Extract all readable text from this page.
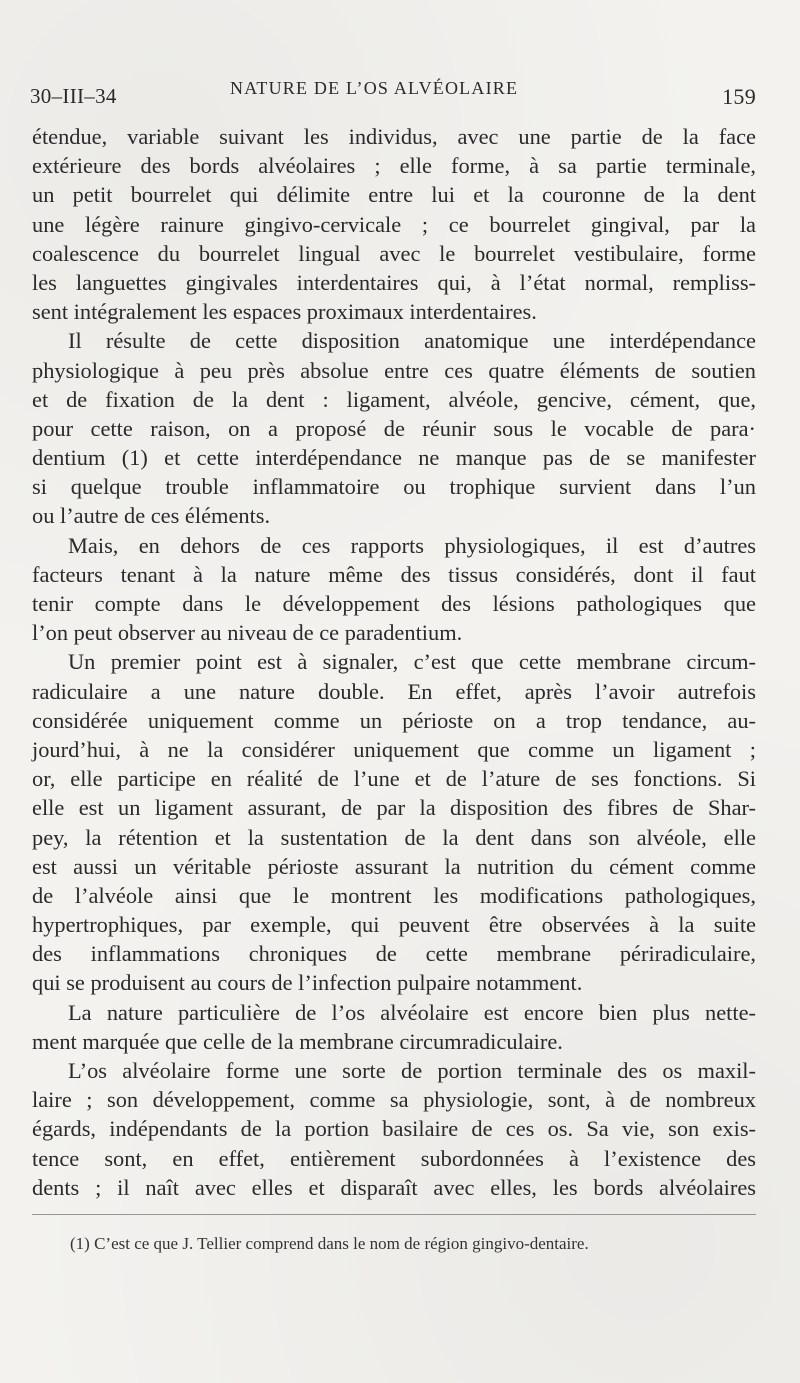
30–III–34	NATURE DE L’OS ALVÉOLAIRE	159
étendue, variable suivant les individus, avec une partie de la face
extérieure des bords alvéolaires ; elle forme, à sa partie terminale,
un petit bourrelet qui délimite entre lui et la couronne de la dent
une légère rainure gingivo-cervicale ; ce bourrelet gingival, par la
coalescence du bourrelet lingual avec le bourrelet vestibulaire, forme
les languettes gingivales interdentaires qui, à l’état normal, rempliss-
sent intégralement les espaces proximaux interdentaires.
Il résulte de cette disposition anatomique une interdépendance
physiologique à peu près absolue entre ces quatre éléments de soutien
et de fixation de la dent : ligament, alvéole, gencive, cément, que,
pour cette raison, on a proposé de réunir sous le vocable de para·
dentium (1) et cette interdépendance ne manque pas de se manifester
si quelque trouble inflammatoire ou trophique survient dans l’un
ou l’autre de ces éléments.
Mais, en dehors de ces rapports physiologiques, il est d’autres
facteurs tenant à la nature même des tissus considérés, dont il faut
tenir compte dans le développement des lésions pathologiques que
l’on peut observer au niveau de ce paradentium.
Un premier point est à signaler, c’est que cette membrane circum-
radiculaire a une nature double. En effet, après l’avoir autrefois
considérée uniquement comme un périoste on a trop tendance, au-
jourd’hui, à ne la considérer uniquement que comme un ligament ;
or, elle participe en réalité de l’une et de l’ature de ses fonctions. Si
elle est un ligament assurant, de par la disposition des fibres de Shar-
pey, la rétention et la sustentation de la dent dans son alvéole, elle
est aussi un véritable périoste assurant la nutrition du cément comme
de l’alvéole ainsi que le montrent les modifications pathologiques,
hypertrophiques, par exemple, qui peuvent être observées à la suite
des inflammations chroniques de cette membrane périradiculaire,
qui se produisent au cours de l’infection pulpaire notamment.
La nature particulière de l’os alvéolaire est encore bien plus nette-
ment marquée que celle de la membrane circumradiculaire.
L’os alvéolaire forme une sorte de portion terminale des os maxil-
laire ; son développement, comme sa physiologie, sont, à de nombreux
égards, indépendants de la portion basilaire de ces os. Sa vie, son exis-
tence sont, en effet, entièrement subordonnées à l’existence des
dents ; il naît avec elles et disparaît avec elles, les bords alvéolaires
(1) C’est ce que J. Tellier comprend dans le nom de région gingivo-dentaire.
